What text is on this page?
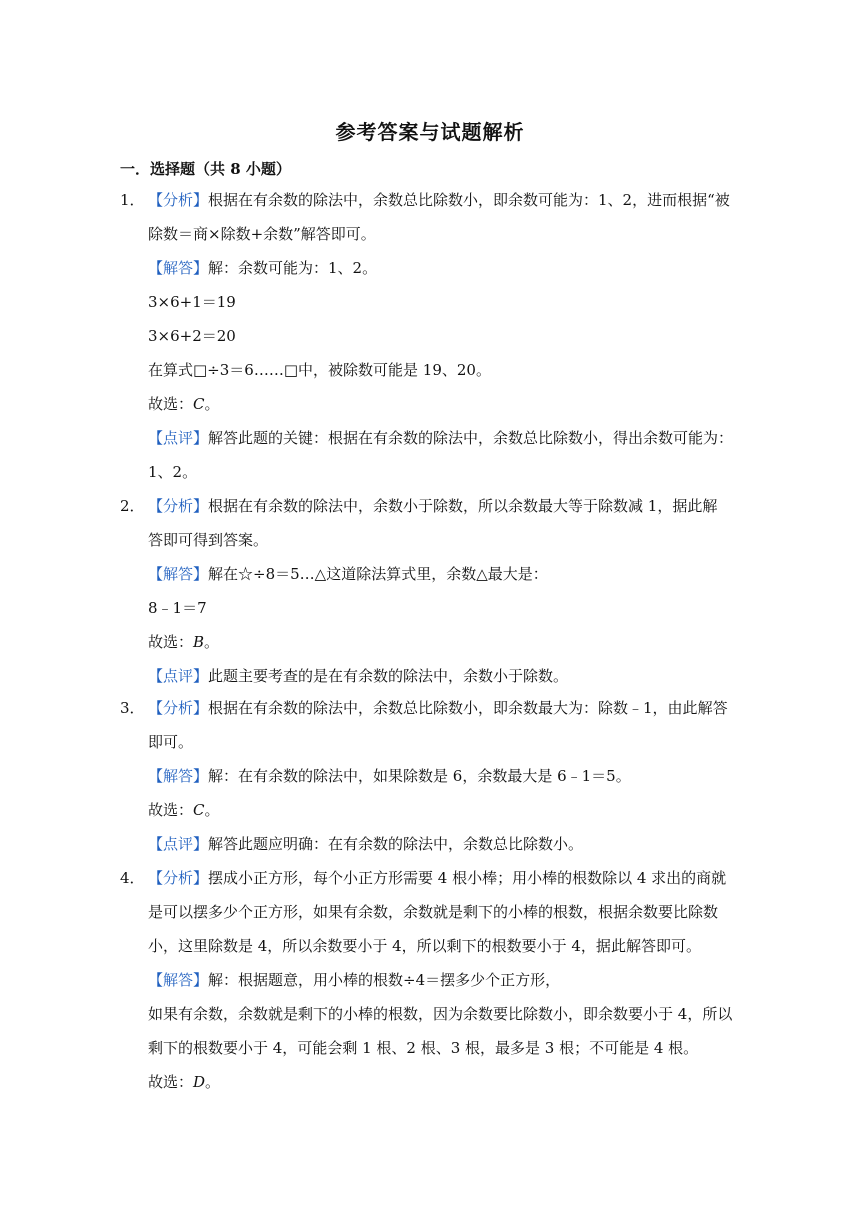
参考答案与试题解析
一．选择题（共 8 小题）
1． 【分析】根据在有余数的除法中，余数总比除数小，即余数可能为：1、2，进而根据“被
除数＝商×除数+余数”解答即可。
【解答】解：余数可能为：1、2。
3×6+1＝19
3×6+2＝20
在算式□÷3＝6……□中，被除数可能是 19、20。
故选：C。
【点评】解答此题的关键：根据在有余数的除法中，余数总比除数小，得出余数可能为：
1、2。
2． 【分析】根据在有余数的除法中，余数小于除数，所以余数最大等于除数减 1，据此解
答即可得到答案。
【解答】解在☆÷8＝5…△这道除法算式里，余数△最大是：
8﹣1＝7
故选：B。
【点评】此题主要考查的是在有余数的除法中，余数小于除数。
3． 【分析】根据在有余数的除法中，余数总比除数小，即余数最大为：除数﹣1，由此解答
即可。
【解答】解：在有余数的除法中，如果除数是 6，余数最大是 6﹣1＝5。
故选：C。
【点评】解答此题应明确：在有余数的除法中，余数总比除数小。
4． 【分析】摆成小正方形，每个小正方形需要 4 根小棒；用小棒的根数除以 4 求出的商就
是可以摆多少个正方形，如果有余数，余数就是剩下的小棒的根数，根据余数要比除数
小，这里除数是 4，所以余数要小于 4，所以剩下的根数要小于 4，据此解答即可。
【解答】解：根据题意，用小棒的根数÷4＝摆多少个正方形，
如果有余数，余数就是剩下的小棒的根数，因为余数要比除数小，即余数要小于 4，所以
剩下的根数要小于 4，可能会剩 1 根、2 根、3 根，最多是 3 根；不可能是 4 根。
故选：D。
